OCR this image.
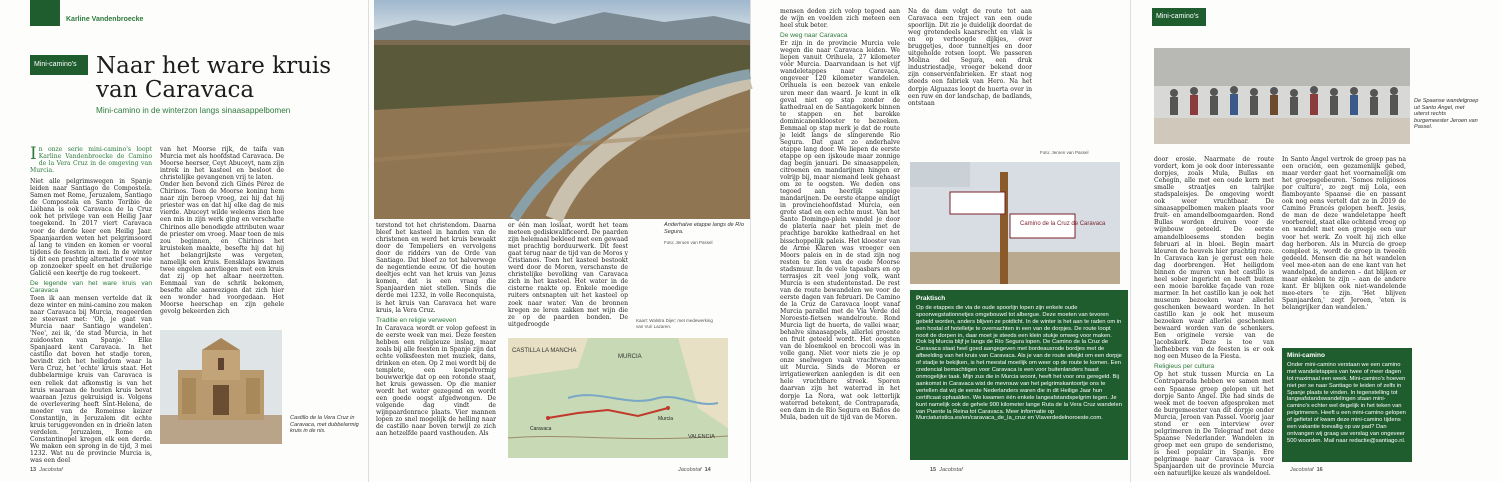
Karline Vandenbroecke
Mini-camino's Naar het ware kruis
van Caravaca
Mini-camino in de winterzon langs sinaasappelbomen

In onze serie mini-camino's loopt Karline Vandenbroecke de Camino de la Vera Cruz in de omgeving van Murcia.

Niet alle pelgrimswegen in Spanje leiden naar Santiago de Compostela. Samen met Rome, Jeruzalem, Santiago de Compostela en Santo Toribio de Liébana is ook Caravaca de la Cruz ook het privilege van een Heilig Jaar toegekend. In 2017 viert Caravaca voor de derde keer een Heilig Jaar. Spaanjaarden weten het pelgrimsoord al lang te vinden en komen er vooral tijdens de feesten in mei. In de winter is dit een prachtig alternatief voor wie op zonzoeker speelt en het druilerige Galicië een keertje de rug toekeert.

De legende van het ware kruis van Caravaca

Toen ik aan mensen vertelde dat ik deze winter en mini-camino zou maken naar Caravaca bij Murcia, reageerden ze steevast met: 'Oh, je gaat van Murcia naar Santiago wandelen'. 'Nee', zei ik, 'de stad Murcia, in het zuidoosten van Spanje.' Elke Spanjaard kent Caravaca. In het castillo dat boven het stadje toren, bevindt zich het heiligdom waar la Vera Cruz, het 'echte' kruis staat. Het dubbelarmige kruis van Caravaca is een reliek dat afkomstig is van het kruis waaraan de houten kruis bevat waaraan Jezus gekruisigd is. Volgens de overlevering heeft Sint-Helena, de moeder van de Romeinse keizer Constantijn, in Jeruzalem dit echte kruis teruggevonden en in drieën laten verdelen. Jeruzalem, Rome en Constantinopel kregen elk een derde. We maken een sprong in de tijd, 3 mei 1232. Wat nu de provincie Murcia is, was een deel

van het Moorse rijk, de taifa van Murcia met als hoofdstad Caravaca. De Moorse heerser, Ceyt Abuceyt, nam zijn intrek in het kasteel en besloot de christelijke gevangenen vrij te laten.

Onder hen bevond zich Ginés Pérez de Chirinos. Toen de Moorse koning hem naar zijn beroep vroeg, zei hij dat hij priester was en dat hij elke dag de mis vierde. Abuceyt wilde weleens zien hoe een mis in zijn werk ging en verschafte Chirinos alle benodigde attributen waar de priester om vroeg. Maar toen de mis zou beginnen, en Chirinos het kruisteken maakte, besefte hij dat hij het belangrijkste was vergeten, namelijk een kruis. Eensklaps kwamen twee engelen aanvliegen met een kruis dat zij op het altaar neerzetten. Eenmaal van de schrik bekomen, besefte alle aanwezigen dat zich hier een wonder had voorgedaan. Het Moorse heerschap en zijn gehele gevolg bekeerden zich

Castillo de la Vera Cruz in Caravaca, met dubbelarmig kruis in de nis.
13 Jacobstaf
Anderhalve etappe langs de Río Segura.
Foto: Jeroen van Passel

terstond tot het christendom. Daarna bleef het kasteel in handen van de christenen en werd het kruis bewaakt door de Tempeliers en vervolgens door de ridders van de Orde van Santiago. Dat bleef zo tot halverwege de negentiende eeuw. Of die houten deeltjes echt van het kruis van Jezus komen, dat is een vraag die Spanjaarden niet stellen. Sinds die derde mei 1232, in volle Reconquista, is het kruis van Caravaca het ware kruis, la Vera Cruz.

Traditie en religie verweven

In Caravaca wordt er volop gefeest in de eerste week van mei. Deze feesten hebben een religieuze inslag, maar zoals bij alle feesten in Spanje zijn dat echte volksfeesten met muziek, dans, drinken en eten. Op 2 mei wordt bij de templete, een koepelvormig bouwwerkje dat op een rotonde staat, het kruis gewassen. Op die manier wordt het water gezegend en wordt een goede oogst afgedwongen. De volgende dag vindt de wijnpaardenrace plaats. Vier mannen lopen zo snel mogelijk de helling naar de castillo naar boven terwijl ze zich aan hetzelfde paard vasthouden. Als

er één man loslaat, wordt het team meteen gediskwalificeerd. De paarden zijn helemaal bekleed met een gewaad met prachtig borduurwerk. Dit feest gaat terug naar de tijd van de Moros y Cristianos. Toen het kasteel bestookt werd door de Moren, verschanste de christelijke bevolking van Caravaca zich in het kasteel. Het water in de cisterne raakte op. Enkele moedige ruiters ontsnapten uit het kasteel op zoek naar water. Van de bronnen kregen ze leren zakken met wijn die ze op de paarden bonden. De uitgedroogde

Kaart: Walstra Dijer; met medewerking van Vuri Lazaren.
CASTILLA LA MANCHA
MURCIA
VALENCIA
Murcia
Caravaca
Jacobstaf 14

mensen deden zich volop tegoed aan de wijn en voelden zich meteen een heel stuk beter.

De weg naar Caravaca

Er zijn in de provincie Murcia vele wegen die naar Caravaca leiden. We liepen vanuit Orihuela, 27 kilometer vóór Murcia. Daarvandaan is het vijf wandeletappes naar Caravaca, ongeveer 120 kilometer wandelen. Orihuela is een bezoek van enkele uren meer dan waard. Je kunt in elk geval niet op stap zonder de kathedraal en de Santiagokerk binnen te stappen en het barokke dominicanenklooster te bezoeken. Eenmaal op stap merk je dat de route je leidt langs de slingerende Río Segura. Dat gaat zo anderhalve etappe lang door. We liepen de eerste etappe op een ijskoude maar zonnige dag begin januari. De sinaasappelen, citroenen en mandarijnen hingen er volrijp bij, maar niemand leek gehaast om ze te oogsten. We deden ons tegoed aan heerlijk sappige mandarijnen. De eerste etappe eindigt in provinciehoofdstad Murcia, een grote stad en een echte must. Van het Santo Domingo-plein wandel je door de platería naar het plein met de prachtige barokke kathedraal en het bisschoppelijk paleis. Het klooster van de Arme Klaren was vroeger een Moors paleis en in de stad zijn nog resten te zien van de oude Moorse stadsmuur. In de vele tapasbars en op terrasjes zit veel jong volk, want Murcia is een studentenstad. De rest van de route bewandelen we voor de eerste dagen van februari. De Camino de la Cruz de Caravaca loopt vanaf Murcia parallel met de Vía Verde del Noroeste-fietsen wandelroute. Rond Murcia ligt de huerta, de vallei waar, behalve sinaasappels, allerlei groente en fruit geteeld wordt. Het oogsten van de bloemkool en broccoli was in volle gang. Niet voor niets zie je op onze snelwegen vaak vrachtwagens uit Murcia. Sinds de Moren er irrigatiewerken aanlegden is dit een hele vruchtbare streek. Sporen daarvan zijn het waterrad in het dorpje La Ñora, wat ook letterlijk waterrad betekent, de Contraparada, een dam in de Río Segura en Baños de Mula, baden uit de tijd van de Moren.

Na de dam volgt de route tot aan Caravaca een traject van een oude spoorlijn. Dit zie je duidelijk doordat de weg grotendeels kaarsrecht en vlak is en op verhoogde dijkjes, over bruggetjes, door tunneltjes en door uitgeholde rotsen loopt. We passeren Molina del Segura, een druk industriestadje, vroeger bekend door zijn conservenfabrieken. Er staat nog steeds een fabriek van Hero. Na het dorpje Alguazas loopt de huerta over in een ruw en dor landschap, de badlands, ontstaan

Foto: Jeroen van Passel
Camino de la Cruz de Caravaca
Praktisch
Op de etappes die via de oude spoorlijn lopen zijn enkele oude spoorwegstationnetjes omgebouwd tot albergue. Deze moeten van tevoren gebeld worden, anders blijven ze potdicht. In de winter is het aan te raden om in een hostal of hotelletje te overnachten in een van de dorpjes. De route loopt nooit de dorpen in, daar moet je steeds een klein stukje omweg voor maken. Ook bij Murcia blijf je langs de Río Segura lopen. De Camino de la Cruz de Caravaca staat heel goed aangegeven met bordeauxrode bordjes met de afbeelding van het kruis van Caravaca. Als je van de route afwijkt om een dorpje of stadje te bekijken, is het meestal moeilijk om weer op de route te komen. Een credencial bemachtigen voor Caravaca is een voor buitenlanders haast onmogelijke taak. Mijn zus die in Murcia woont, heeft het voor ons geregeld. Bij aankomst in Caravaca wist de mevrouw van het pelgrimskantoortje ons te vertellen dat wij de eerste Nederlanders waren die in dit Heilige Jaar hun certificaat ophaalden. We kwamen één enkele langeafstandspelgrim tegen. Je kunt namelijk ook de gehele 900 kilometer lange Ruta de la Vera Cruz wandelen van Puente la Reina tot Caravaca. Meer informatie op Murciaturistica.es/en/caravaca_de_la_cruz en Viaverdedelnoroeste.com.
15 Jacobstaf
Mini-camino's
De Spaanse wandelgroep uit Santo Ángel, met uiterst rechts burgemeester Jeroen van Passel.

door erosie. Naarmate de route vordert, kom je ook door interessante dorpjes, zoals Mula, Bullas en Cehegín, alle met een oude kern met smalle straatjes en talrijke stadspaleisjes. De omgeving wordt ook weer vruchtbaar. De sinaasappelbomen maken plaats voor fruit- en amandelboomgaarden. Rond Bullas worden druiven voor de wijnbouw geteeld. De eerste amandelbloesems stonden begin februari al in bloei. Begin maart kleuren de heuvels hier prachtig roze. In Caravaca kan je gerust een hele dag doorbrengen. Het heiligdom binnen de muren van het castillo is heel sober ingericht en heeft buiten een mooie barokke façade van roze marmer. In het castillo kan je ook het museum bezoeken waar allerlei geschenken bewaard worden. In het castillo kan je ook het museum bezoeken waar allerlei geschenken bewaard worden van de schenkers. Een originele versie van de Jacobskerk. Deze is toe van liefhebbers van de feesten is er ook nog een Museo de la Fiesta.

Religieus per cultura

Op het stuk tussen Murcia en La Contraparada hebben we samen met een Spaanse groep gelopen uit het dorpje Santo Ángel. Die had sinds de week met de toeven afgesproken met de burgemeester van dit dorpje onder Murcia, Jeroen van Passel. Voorig jaar stond er een interview over pelgrimeren in De Telegraaf met deze Spaanse Nederlander. Wandelen in groep met een grupo de senderismo, is heel populair in Spanje. Ere pelgrimage naar Caravaca is voor Spanjaarden uit de provincie Murcia een natuurlijke keuze als wandeldoel.

In Santo Ángel vertrok de groep pas na een oración, een gezamenlijk gebed, maar verder gaat het voornamelijk om het groepsgebeuren. 'Somos religiosos por cultura', zo zegt mij Lola, een flamboyante Spaanse die en passant ook nog eens vertelt dat ze in 2019 de Camino Francés gelopen heeft. Jesús, de man de deze wandeletappe heeft voorbereid, staat elke ochtend vroeg op en wandelt met een groepje een uur voor het werk. Zo voelt hij zich elke dag herboren. Als in Murcia de groep compleet is, wordt de groep in tweeën gedeeld. Mensen die na het wandelen veel mee-eten aan de ene kant van het wandelpad, de anderen – dat blijken er maar enkelen te zijn – aan de andere kant. Er blijken ook niet-wandelende mee-eters te zijn. 'Het blijven Spanjaarden,' zegt Jeroen, 'eten is belangrijker dan wandelen.'

Mini-camino
Onder mini-camino verstaan we een camino met wandeletappes van twee of meer dagen tot maximaal een week. Mini-camino's hoeven niet per se naar Santiago te leiden of zelfs in Spanje plaats te vinden. In tegenstelling tot langeafstandswandelingen staan mini-camino's echter wel degelijk in het teken van pelgrimeren. Heeft u een mini-camino gelopen of gefietst of kwam deze mini-camino tijdens een vakantie toevallig op uw pad? Dan ontvangen wij graag uw verslag van ongeveer 500 woorden. Mail naar redactie@santiago.nl.
Jacobstaf 16
